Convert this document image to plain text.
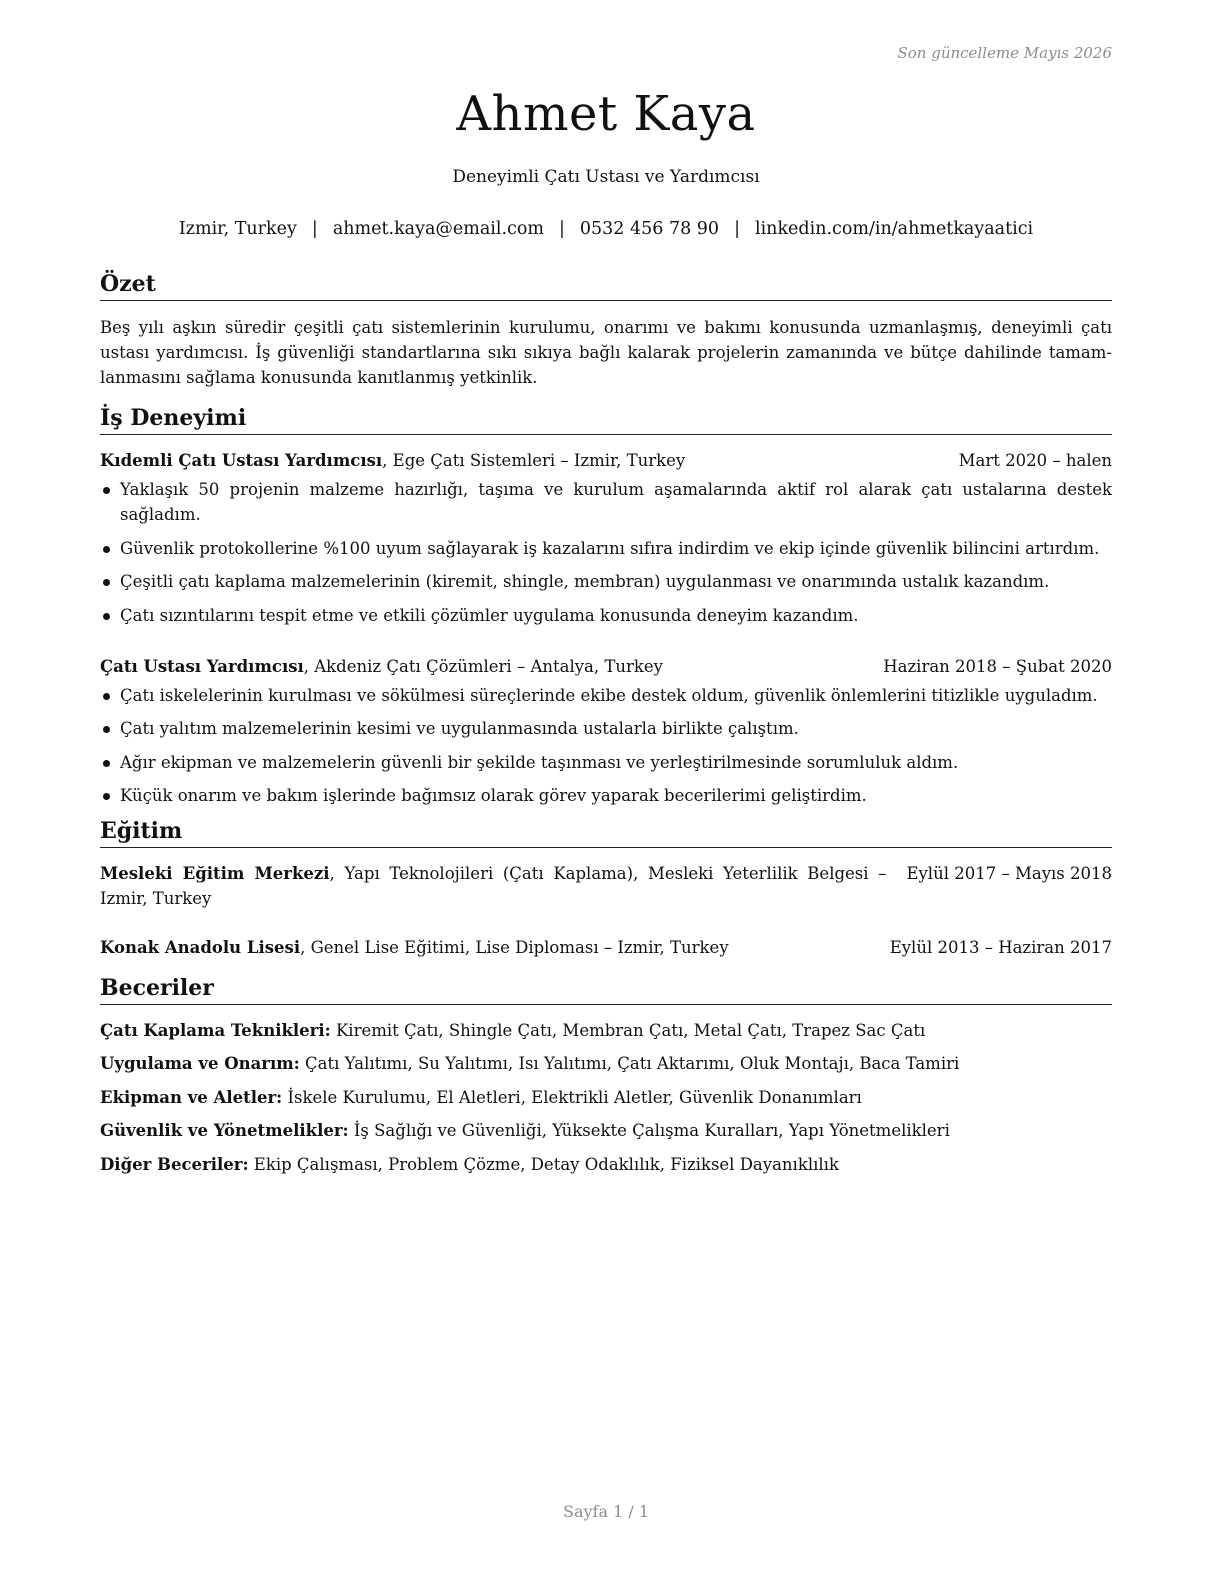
Son güncelleme Mayıs 2026
Ahmet Kaya
Deneyimli Çatı Ustası ve Yardımcısı
Izmir, Turkey | ahmet.kaya@email.com | 0532 456 78 90 | linkedin.com/in/ahmetkayaatici
Özet

Beş yılı aşkın süredir çeşitli çatı sistemlerinin kurulumu, onarımı ve bakımı konusunda uzmanlaşmış, deneyimli çatı ustası yardımcısı. İş güvenliği standartlarına sıkı sıkıya bağlı kalarak projelerin zamanında ve bütçe dahilinde tamamlanmasını sağlama konusunda kanıtlanmış yetkinlik.

İş Deneyimi
Kıdemli Çatı Ustası Yardımcısı, Ege Çatı Sistemleri – Izmir, Turkey	Mart 2020 – halen
Yaklaşık 50 projenin malzeme hazırlığı, taşıma ve kurulum aşamalarında aktif rol alarak çatı ustalarına destek sağladım.
Güvenlik protokollerine %100 uyum sağlayarak iş kazalarını sıfıra indirdim ve ekip içinde güvenlik bilincini artırdım.
Çeşitli çatı kaplama malzemelerinin (kiremit, shingle, membran) uygulanması ve onarımında ustalık kazandım.
Çatı sızıntılarını tespit etme ve etkili çözümler uygulama konusunda deneyim kazandım.
Çatı Ustası Yardımcısı, Akdeniz Çatı Çözümleri – Antalya, Turkey	Haziran 2018 – Şubat 2020
Çatı iskelelerinin kurulması ve sökülmesi süreçlerinde ekibe destek oldum, güvenlik önlemlerini titizlikle uyguladım.
Çatı yalıtım malzemelerinin kesimi ve uygulanmasında ustalarla birlikte çalıştım.
Ağır ekipman ve malzemelerin güvenli bir şekilde taşınması ve yerleştirilmesinde sorumluluk aldım.
Küçük onarım ve bakım işlerinde bağımsız olarak görev yaparak becerilerimi geliştirdim.
Eğitim
Mesleki Eğitim Merkezi, Yapı Teknolojileri (Çatı Kaplama), Mesleki Yeterlilik Belgesi – Izmir, Turkey
Eylül 2017 – Mayıs 2018
Konak Anadolu Lisesi, Genel Lise Eğitimi, Lise Diploması – Izmir, Turkey	Eylül 2013 – Haziran 2017
Beceriler
Çatı Kaplama Teknikleri: Kiremit Çatı, Shingle Çatı, Membran Çatı, Metal Çatı, Trapez Sac Çatı
Uygulama ve Onarım: Çatı Yalıtımı, Su Yalıtımı, Isı Yalıtımı, Çatı Aktarımı, Oluk Montajı, Baca Tamiri
Ekipman ve Aletler: İskele Kurulumu, El Aletleri, Elektrikli Aletler, Güvenlik Donanımları
Güvenlik ve Yönetmelikler: İş Sağlığı ve Güvenliği, Yüksekte Çalışma Kuralları, Yapı Yönetmelikleri
Diğer Beceriler: Ekip Çalışması, Problem Çözme, Detay Odaklılık, Fiziksel Dayanıklılık
Sayfa 1 / 1
